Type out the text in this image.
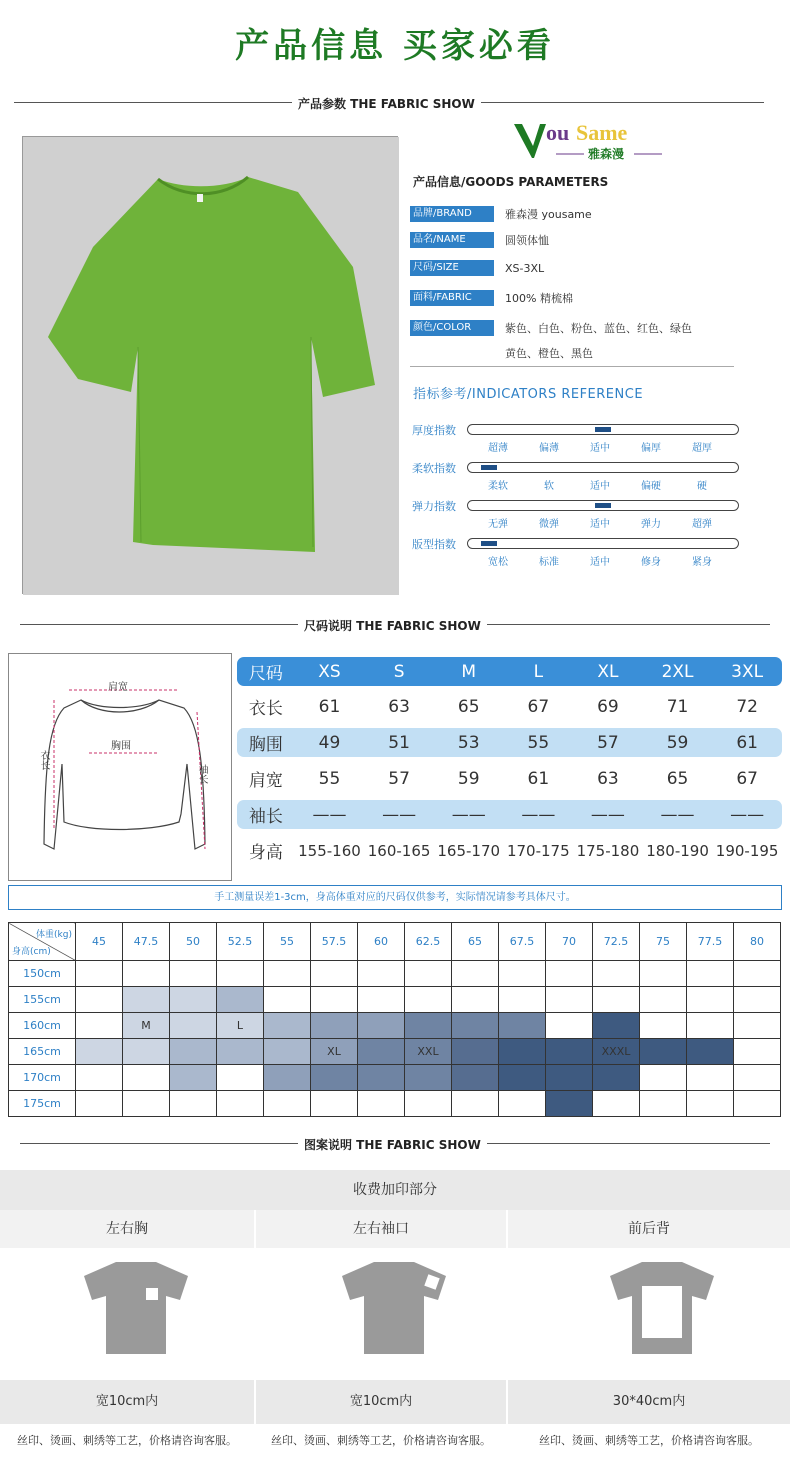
产品信息 买家必看
产品参数 THE FABRIC SHOW
ou Same
雅森漫
产品信息/GOODS PARAMETERS
品牌/BRAND	雅森漫 yousame
品名/NAME	圆领体恤
尺码/SIZE	XS-3XL
面料/FABRIC	100% 精梳棉
颜色/COLOR	紫色、白色、粉色、蓝色、红色、绿色
黄色、橙色、黑色
指标参考/INDICATORS REFERENCE
厚度指数
超薄	偏薄	适中	偏厚	超厚
柔软指数
柔软	软	适中	偏硬	硬
弹力指数
无弹	微弹	适中	弹力	超弹
版型指数
宽松	标准	适中	修身	紧身
尺码说明 THE FABRIC SHOW
肩宽
胸围
衣长
袖长
尺码	XS	S	M	L	XL	2XL	3XL
衣长	61	63	65	67	69	71	72
胸围	49	51	53	55	57	59	61
肩宽	55	57	59	61	63	65	67
袖长	——	——	——	——	——	——	——
身高	155-160 160-165 165-170 170-175 175-180 180-190 190-195
手工测量误差1-3cm，身高体重对应的尺码仅供参考，实际情况请参考具体尺寸。
体重(kg)
身高(cm)	45	47.5	50	52.5	55	57.5	60	62.5	65	67.5	70	72.5	75	77.5	80
150cm															
155cm															
160cm		M		L											
165cm						XL		XXL				XXXL			
170cm															
175cm															
图案说明 THE FABRIC SHOW
收费加印部分
左右胸	左右袖口	前后背
宽10cm内	宽10cm内	30*40cm内
丝印、烫画、刺绣等工艺，价格请咨询客服。	丝印、烫画、刺绣等工艺，价格请咨询客服。	丝印、烫画、刺绣等工艺，价格请咨询客服。
